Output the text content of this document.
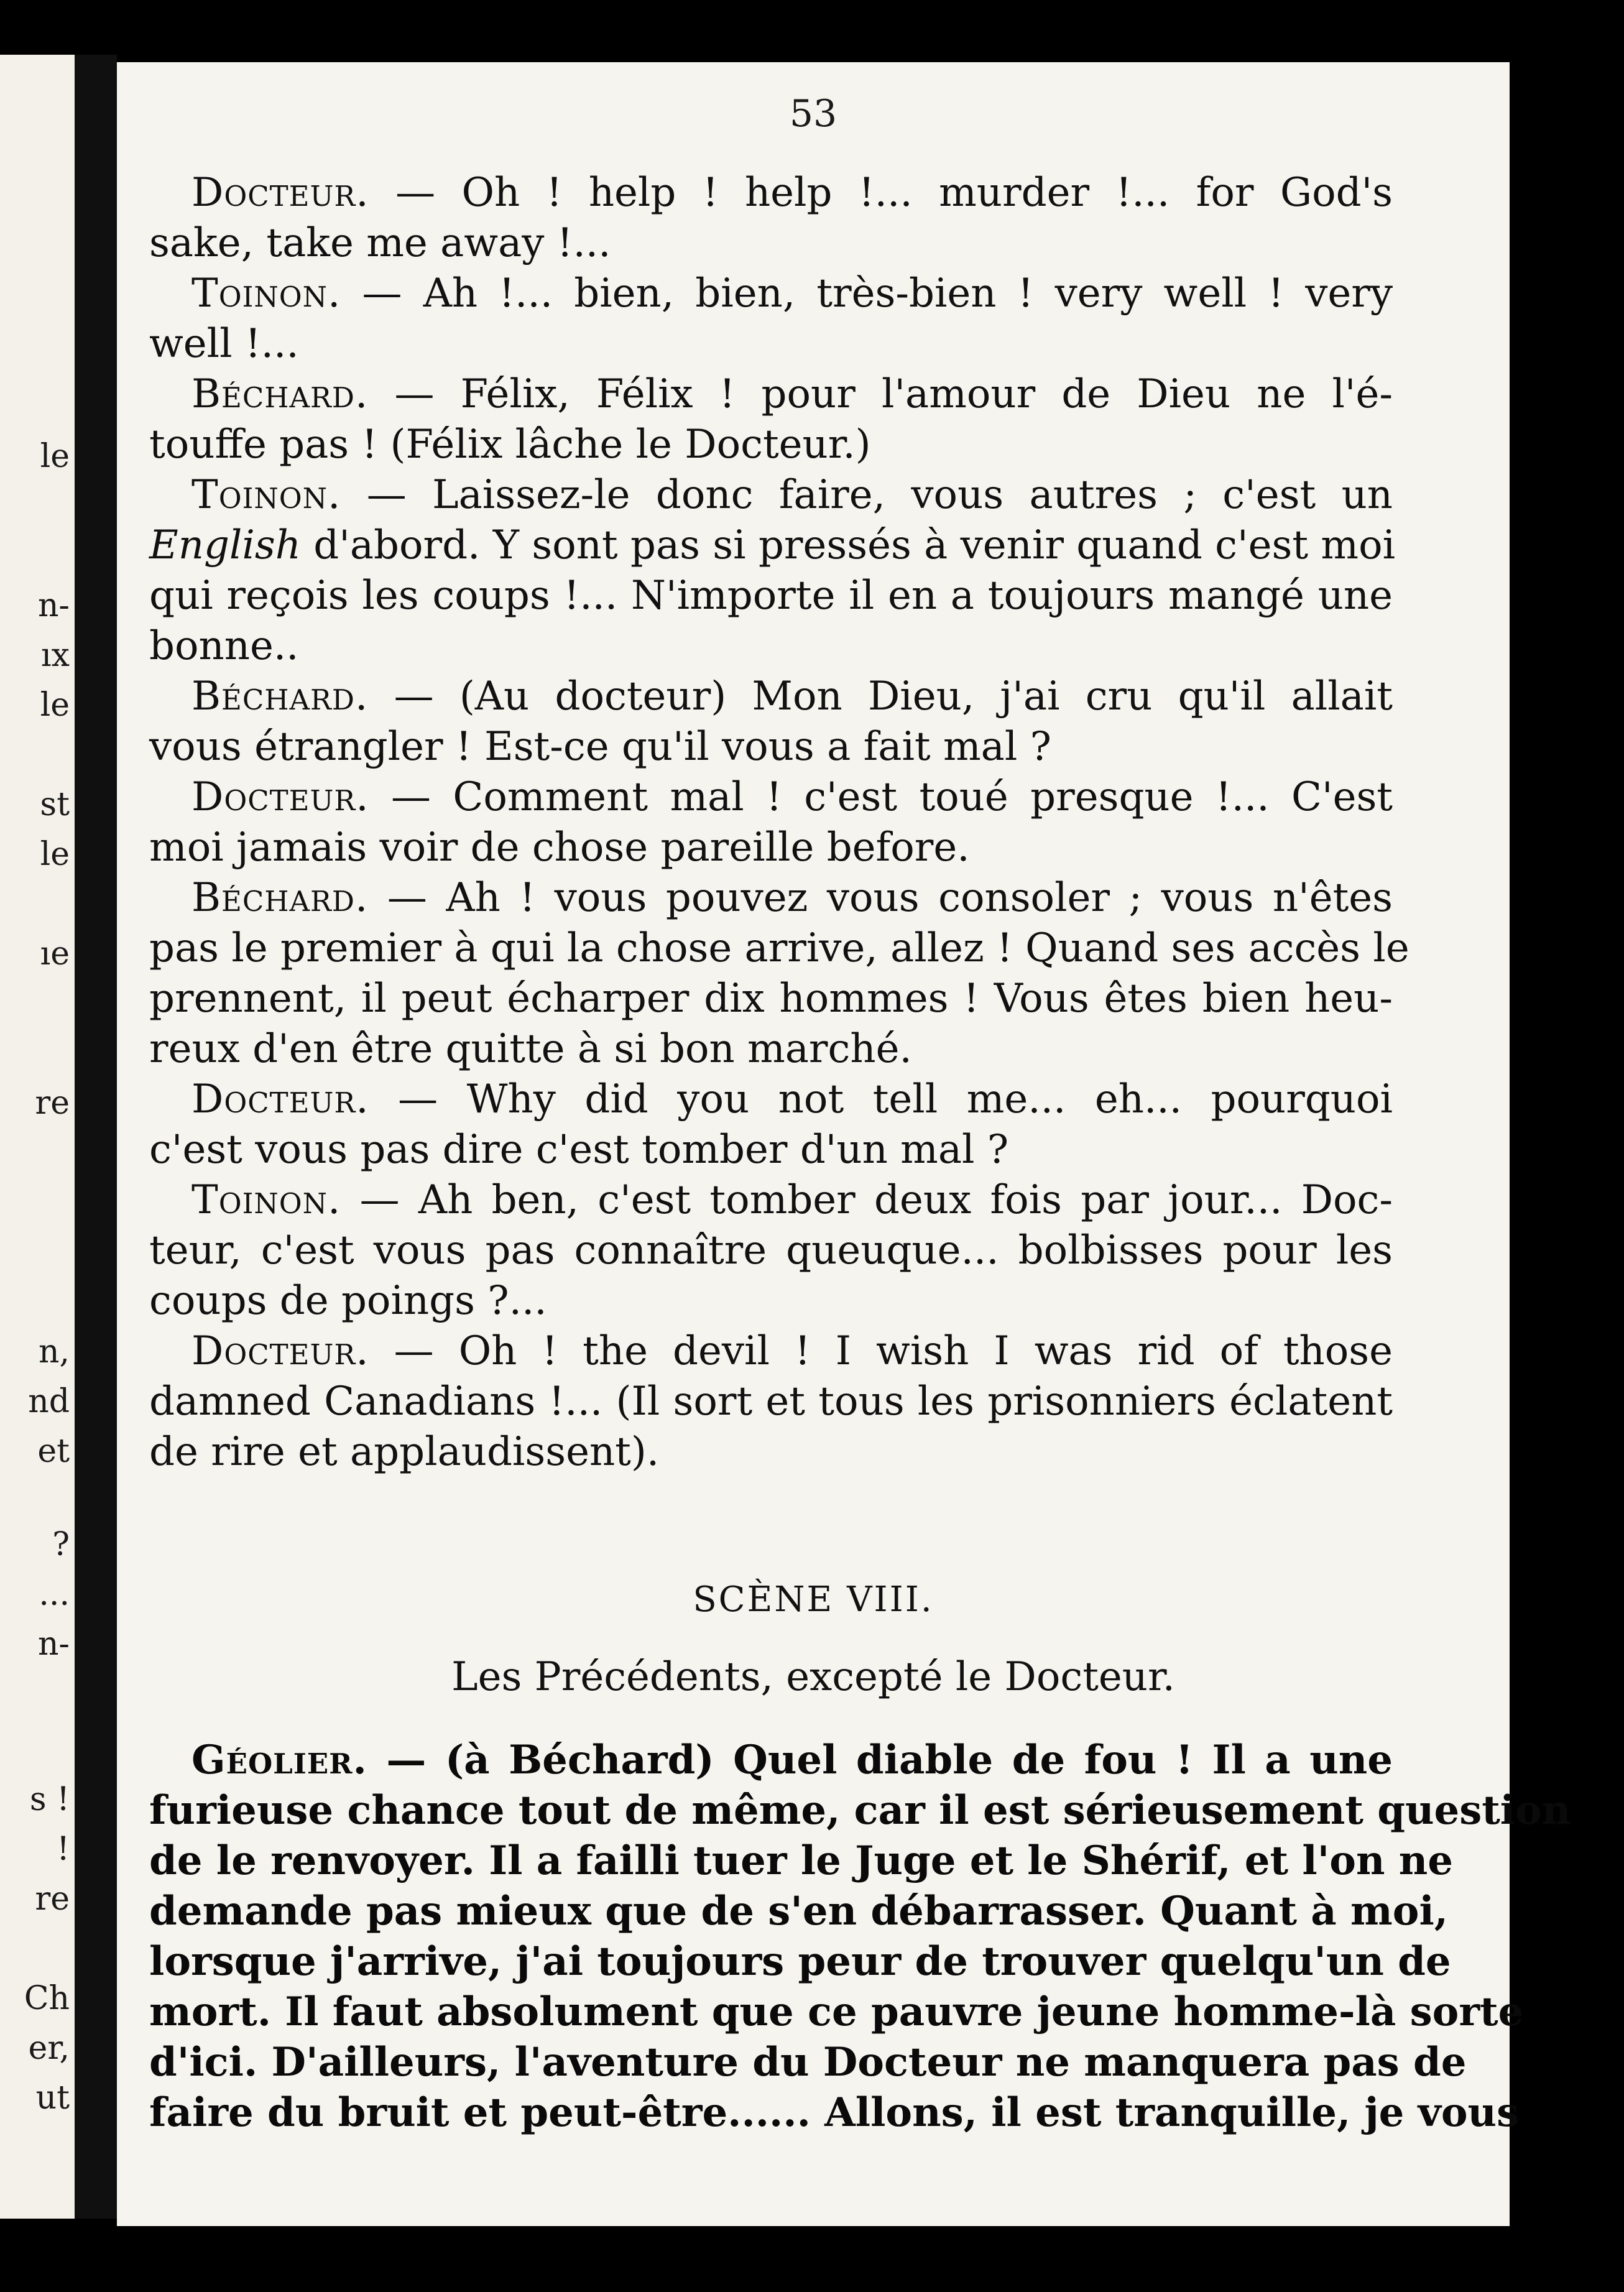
le
n-
ıx
le
st
le
ıe
re
n,
nd
et
?
...
n-
s !
!
re
Ch
er,
ut
53
Docteur. — Oh ! help ! help !... murder !... for God's
sake, take me away !...
Toinon. — Ah !... bien, bien, très-bien ! very well ! very
well !...
Béchard. — Félix, Félix ! pour l'amour de Dieu ne l'é-
touffe pas ! (Félix lâche le Docteur.)
Toinon. — Laissez-le donc faire, vous autres ; c'est un
English d'abord. Y sont pas si pressés à venir quand c'est moi
qui reçois les coups !... N'importe il en a toujours mangé une
bonne..
Béchard. — (Au docteur) Mon Dieu, j'ai cru qu'il allait
vous étrangler ! Est-ce qu'il vous a fait mal ?
Docteur. — Comment mal ! c'est toué presque !... C'est
moi jamais voir de chose pareille before.
Béchard. — Ah ! vous pouvez vous consoler ; vous n'êtes
pas le premier à qui la chose arrive, allez ! Quand ses accès le
prennent, il peut écharper dix hommes ! Vous êtes bien heu-
reux d'en être quitte à si bon marché.
Docteur. — Why did you not tell me... eh... pourquoi
c'est vous pas dire c'est tomber d'un mal ?
Toinon. — Ah ben, c'est tomber deux fois par jour... Doc-
teur, c'est vous pas connaître queuque... bolbisses pour les
coups de poings ?...
Docteur. — Oh ! the devil ! I wish I was rid of those
damned Canadians !... (Il sort et tous les prisonniers éclatent
de rire et applaudissent).
SCÈNE VIII.
Les Précédents, excepté le Docteur.
Géolier. — (à Béchard) Quel diable de fou ! Il a une
furieuse chance tout de même, car il est sérieusement question
de le renvoyer. Il a failli tuer le Juge et le Shérif, et l'on ne
demande pas mieux que de s'en débarrasser. Quant à moi,
lorsque j'arrive, j'ai toujours peur de trouver quelqu'un de
mort. Il faut absolument que ce pauvre jeune homme-là sorte
d'ici. D'ailleurs, l'aventure du Docteur ne manquera pas de
faire du bruit et peut-être...... Allons, il est tranquille, je vous
